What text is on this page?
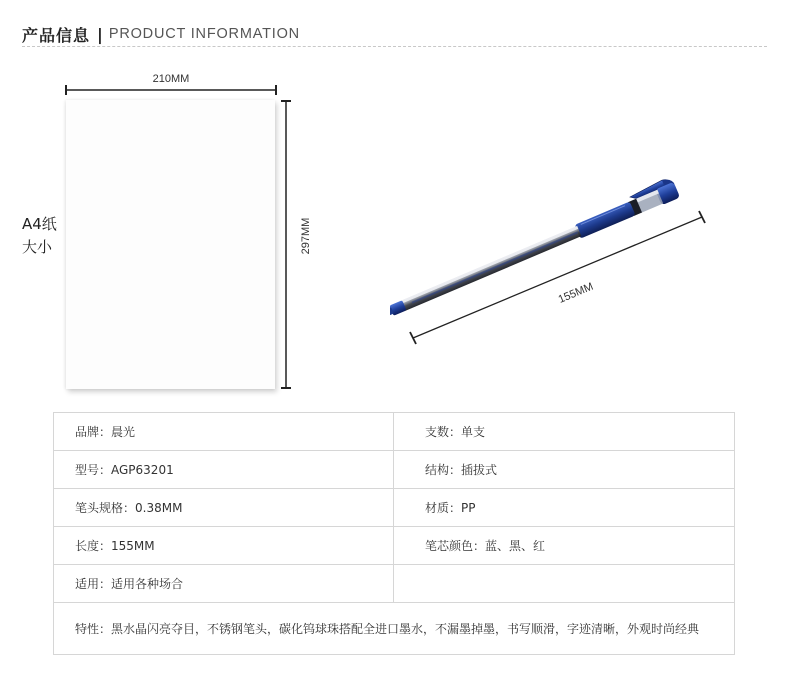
产品信息 | PRODUCT INFORMATION
A4纸
大小
210MM
297MM
155MM
品牌：晨光	支数：单支
型号：AGP63201	结构：插拔式
笔头规格：0.38MM	材质：PP
长度：155MM	笔芯颜色：蓝、黑、红
适用：适用各种场合	

特性： 黑水晶闪亮夺目，不锈钢笔头，碳化钨球珠搭配全进口墨水，不漏墨掉墨，书写顺滑，字迹清晰，外观时尚经典	
